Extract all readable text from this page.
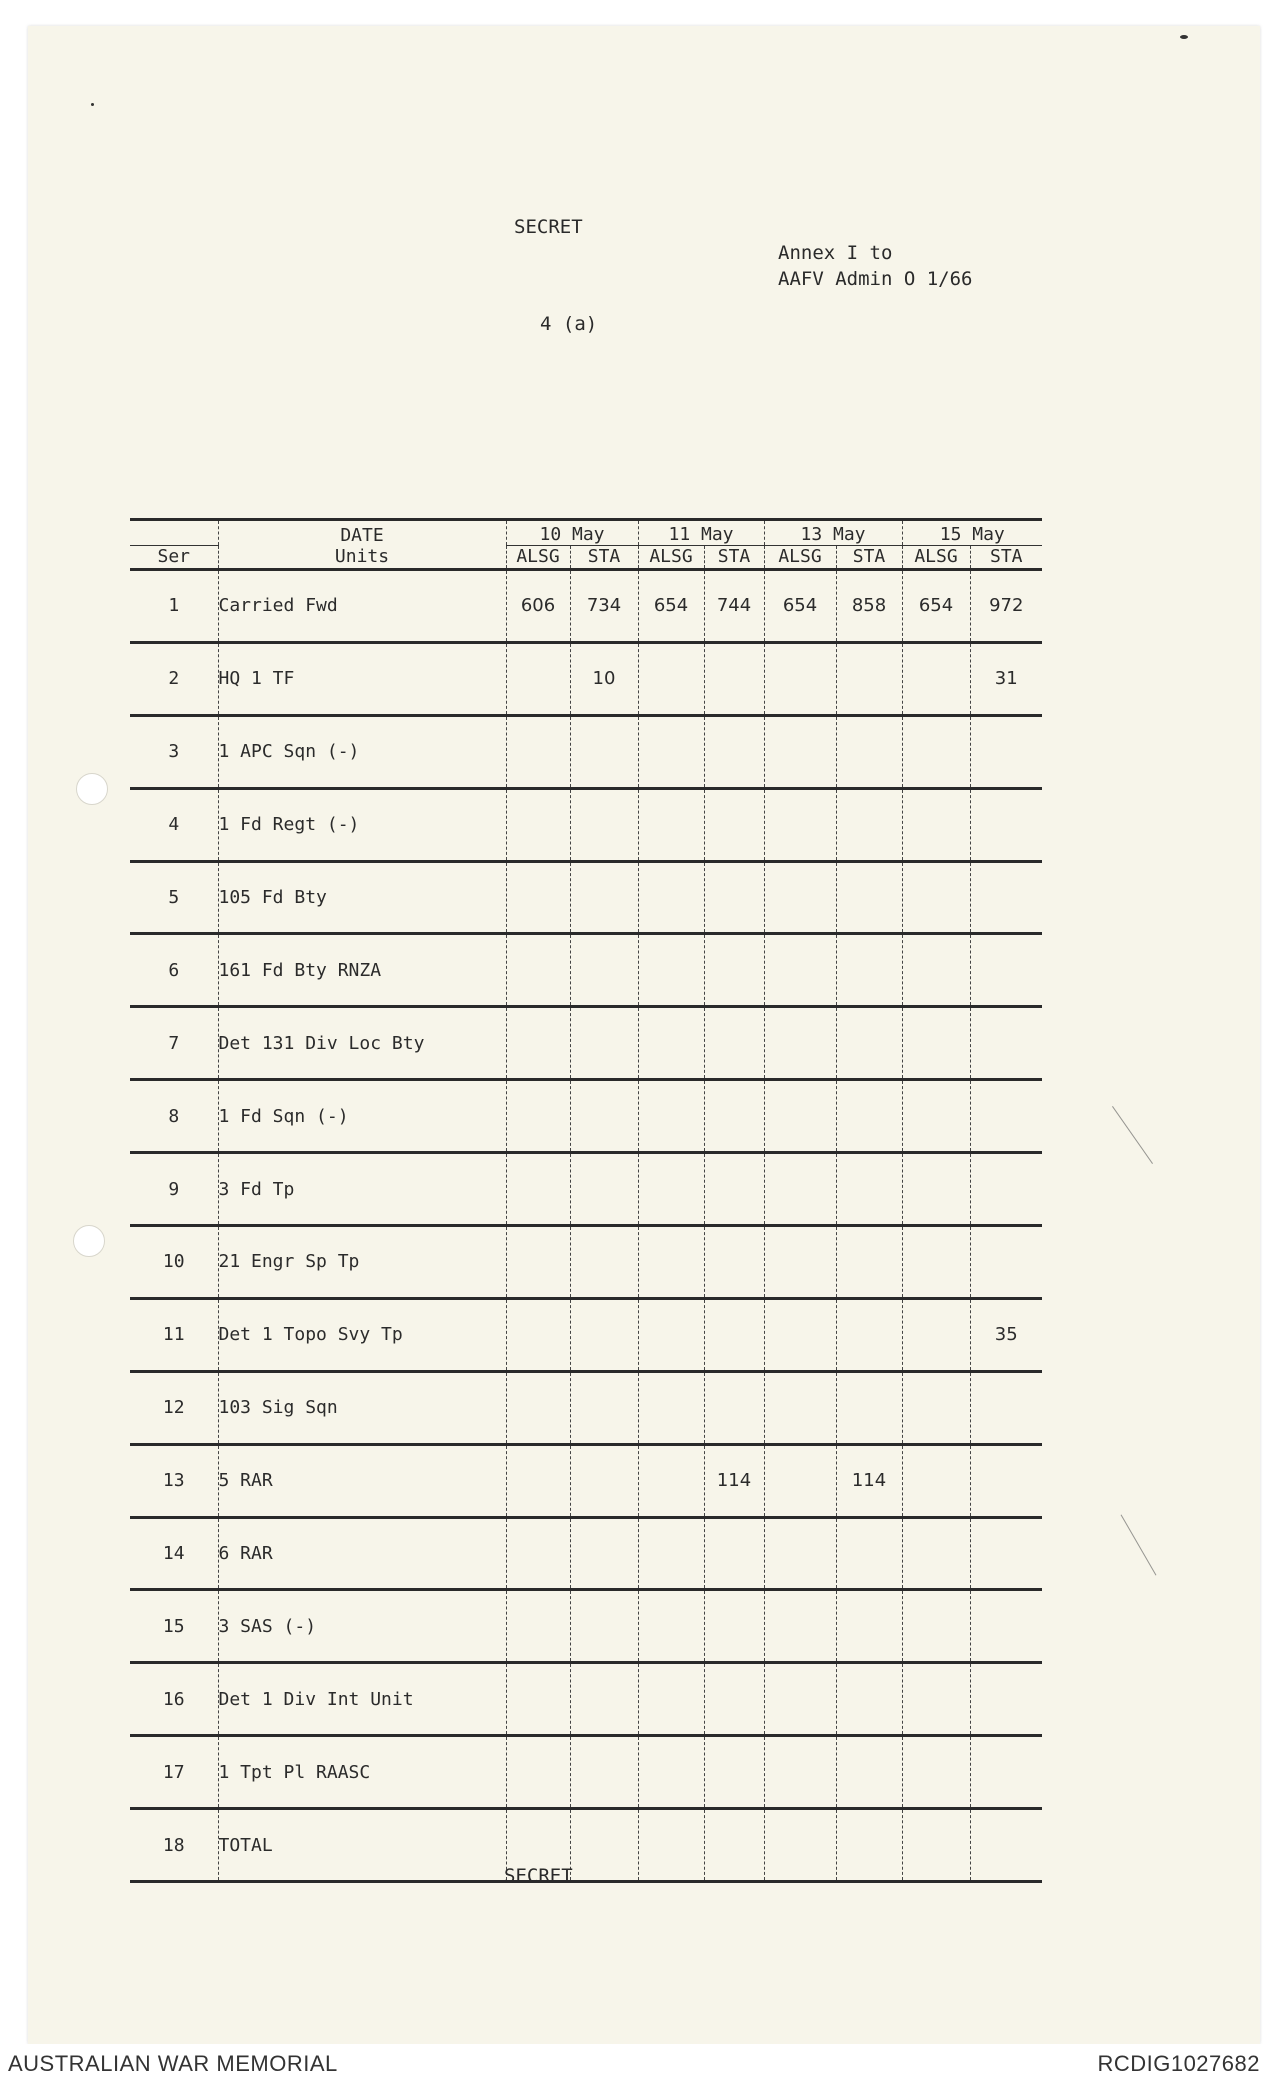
SECRET
Annex I to
AAFV Admin O 1/66
4 (a)
	DATE	10 May		11 May		13 May		15 May	
Ser	Units	ALSG	STA	ALSG	STA	ALSG	STA	ALSG	STA
1	Carried Fwd	606	734	654	744	654	858	654	972
2	HQ 1 TF		10						31
3	1 APC Sqn (-)								
4	1 Fd Regt (-)								
5	105 Fd Bty								
6	161 Fd Bty RNZA								
7	Det 131 Div Loc Bty								
8	1 Fd Sqn (-)								
9	3 Fd Tp								
10	21 Engr Sp Tp								
11	Det 1 Topo Svy Tp								35
12	103 Sig Sqn								
13	5 RAR				114		114		
14	6 RAR								
15	3 SAS (-)								
16	Det 1 Div Int Unit								
17	1 Tpt Pl RAASC								
18	TOTAL								
SECRET
AUSTRALIAN WAR MEMORIAL	RCDIG1027682
